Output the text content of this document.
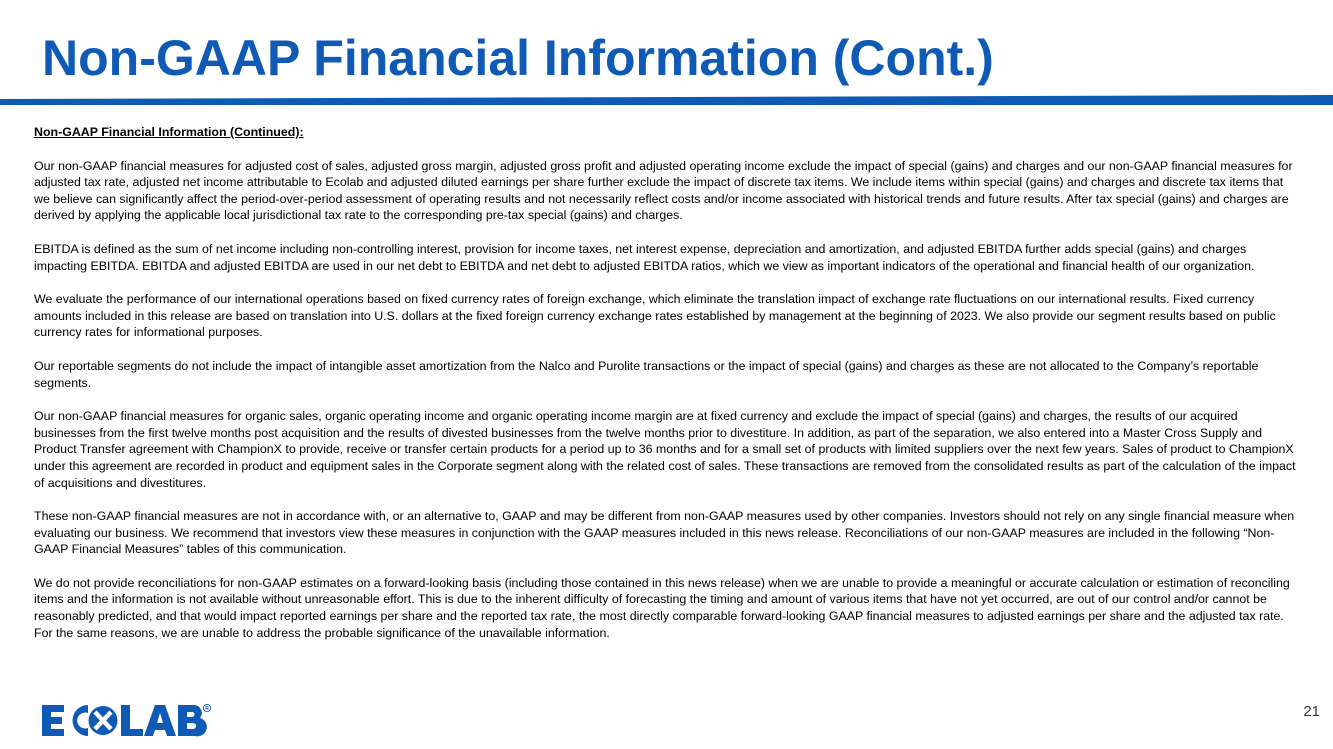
Non-GAAP Financial Information (Cont.)

Non-GAAP Financial Information (Continued):

Our non-GAAP financial measures for adjusted cost of sales, adjusted gross margin, adjusted gross profit and adjusted operating income exclude the impact of special (gains) and charges and our non-GAAP financial measures for adjusted tax rate, adjusted net income attributable to Ecolab and adjusted diluted earnings per share further exclude the impact of discrete tax items. We include items within special (gains) and charges and discrete tax items that we believe can significantly affect the period-over-period assessment of operating results and not necessarily reflect costs and/or income associated with historical trends and future results. After tax special (gains) and charges are derived by applying the applicable local jurisdictional tax rate to the corresponding pre-tax special (gains) and charges.

EBITDA is defined as the sum of net income including non-controlling interest, provision for income taxes, net interest expense, depreciation and amortization, and adjusted EBITDA further adds special (gains) and charges impacting EBITDA. EBITDA and adjusted EBITDA are used in our net debt to EBITDA and net debt to adjusted EBITDA ratios, which we view as important indicators of the operational and financial health of our organization.

We evaluate the performance of our international operations based on fixed currency rates of foreign exchange, which eliminate the translation impact of exchange rate fluctuations on our international results. Fixed currency amounts included in this release are based on translation into U.S. dollars at the fixed foreign currency exchange rates established by management at the beginning of 2023. We also provide our segment results based on public currency rates for informational purposes.

Our reportable segments do not include the impact of intangible asset amortization from the Nalco and Purolite transactions or the impact of special (gains) and charges as these are not allocated to the Company’s reportable segments.

Our non-GAAP financial measures for organic sales, organic operating income and organic operating income margin are at fixed currency and exclude the impact of special (gains) and charges, the results of our acquired businesses from the first twelve months post acquisition and the results of divested businesses from the twelve months prior to divestiture. In addition, as part of the separation, we also entered into a Master Cross Supply and Product Transfer agreement with ChampionX to provide, receive or transfer certain products for a period up to 36 months and for a small set of products with limited suppliers over the next few years. Sales of product to ChampionX under this agreement are recorded in product and equipment sales in the Corporate segment along with the related cost of sales. These transactions are removed from the consolidated results as part of the calculation of the impact of acquisitions and divestitures.

These non-GAAP financial measures are not in accordance with, or an alternative to, GAAP and may be different from non-GAAP measures used by other companies. Investors should not rely on any single financial measure when evaluating our business. We recommend that investors view these measures in conjunction with the GAAP measures included in this news release. Reconciliations of our non-GAAP measures are included in the following “Non-GAAP Financial Measures” tables of this communication.

We do not provide reconciliations for non-GAAP estimates on a forward-looking basis (including those contained in this news release) when we are unable to provide a meaningful or accurate calculation or estimation of reconciling items and the information is not available without unreasonable effort. This is due to the inherent difficulty of forecasting the timing and amount of various items that have not yet occurred, are out of our control and/or cannot be reasonably predicted, and that would impact reported earnings per share and the reported tax rate, the most directly comparable forward-looking GAAP financial measures to adjusted earnings per share and the adjusted tax rate. For the same reasons, we are unable to address the probable significance of the unavailable information.

R	21
